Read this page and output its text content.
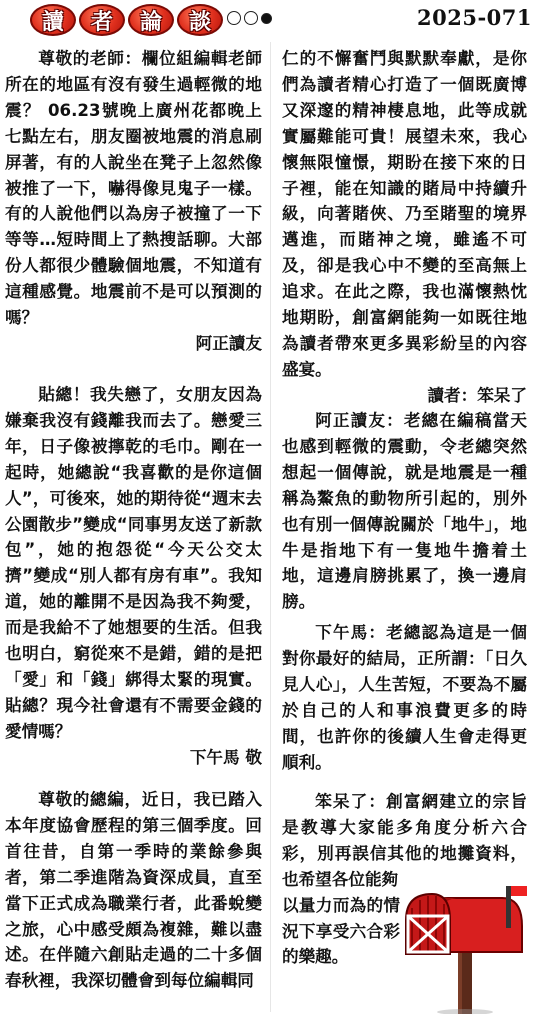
讀	者	論	談	2025-071

尊敬的老師：欄位組編輯老師所在的地區有沒有發生過輕微的地震？ 06.23號晚上廣州花都晚上七點左右，朋友圈被地震的消息刷屏著，有的人說坐在凳子上忽然像被推了一下，嚇得像見鬼子一樣。有的人說他們以為房子被撞了一下等等…短時間上了熱搜話聊。大部份人都很少體驗個地震，不知道有這種感覺。地震前不是可以預測的嗎？

阿正讀友

貼總！我失戀了，女朋友因為嫌棄我沒有錢離我而去了。戀愛三年，日子像被擰乾的毛巾。剛在一起時，她總說“我喜歡的是你這個人”，可後來，她的期待從“週末去公園散步”變成“同事男友送了新款包”，她的抱怨從“今天公交太擠”變成“別人都有房有車”。我知道，她的離開不是因為我不夠愛，而是我給不了她想要的生活。但我也明白，窮從來不是錯，錯的是把「愛」和「錢」綁得太緊的現實。貼總？現今社會還有不需要金錢的愛情嗎？

下午馬 敬

尊敬的總編，近日，我已踏入本年度協會歷程的第三個季度。回首往昔，自第一季時的業餘參與者，第二季進階為資深成員，直至當下正式成為職業行者，此番蛻變之旅，心中感受頗為複雜，難以盡述。在伴隨六創貼走過的二十多個春秋裡，我深切體會到每位編輯同

仁的不懈奮鬥與默默奉獻，是你們為讀者精心打造了一個既廣博又深邃的精神棲息地，此等成就實屬難能可貴！展望未來，我心懷無限憧憬，期盼在接下來的日子裡，能在知識的賭局中持續升級，向著賭俠、乃至賭聖的境界邁進，而賭神之境，雖遙不可及，卻是我心中不變的至高無上追求。在此之際，我也滿懷熱忱地期盼，創富網能夠一如既往地為讀者帶來更多異彩紛呈的內容盛宴。

讀者：笨呆了

阿正讀友：老總在編稿當天也感到輕微的震動，令老總突然想起一個傳說，就是地震是一種稱為鰲魚的動物所引起的，別外也有別一個傳說關於「地牛」，地牛是指地下有一隻地牛擔着土地，這邊肩膀挑累了，換一邊肩膀。

下午馬：老總認為這是一個對你最好的結局，正所謂：「日久見人心」，人生苦短，不要為不屬於自己的人和事浪費更多的時間，也許你的後續人生會走得更順利。

笨呆了：創富網建立的宗旨是教導大家能多角度分析六合彩，別再誤信其他的地攤資料，也希望各位能夠

以量力而為的情況下享受六合彩的樂趣。
